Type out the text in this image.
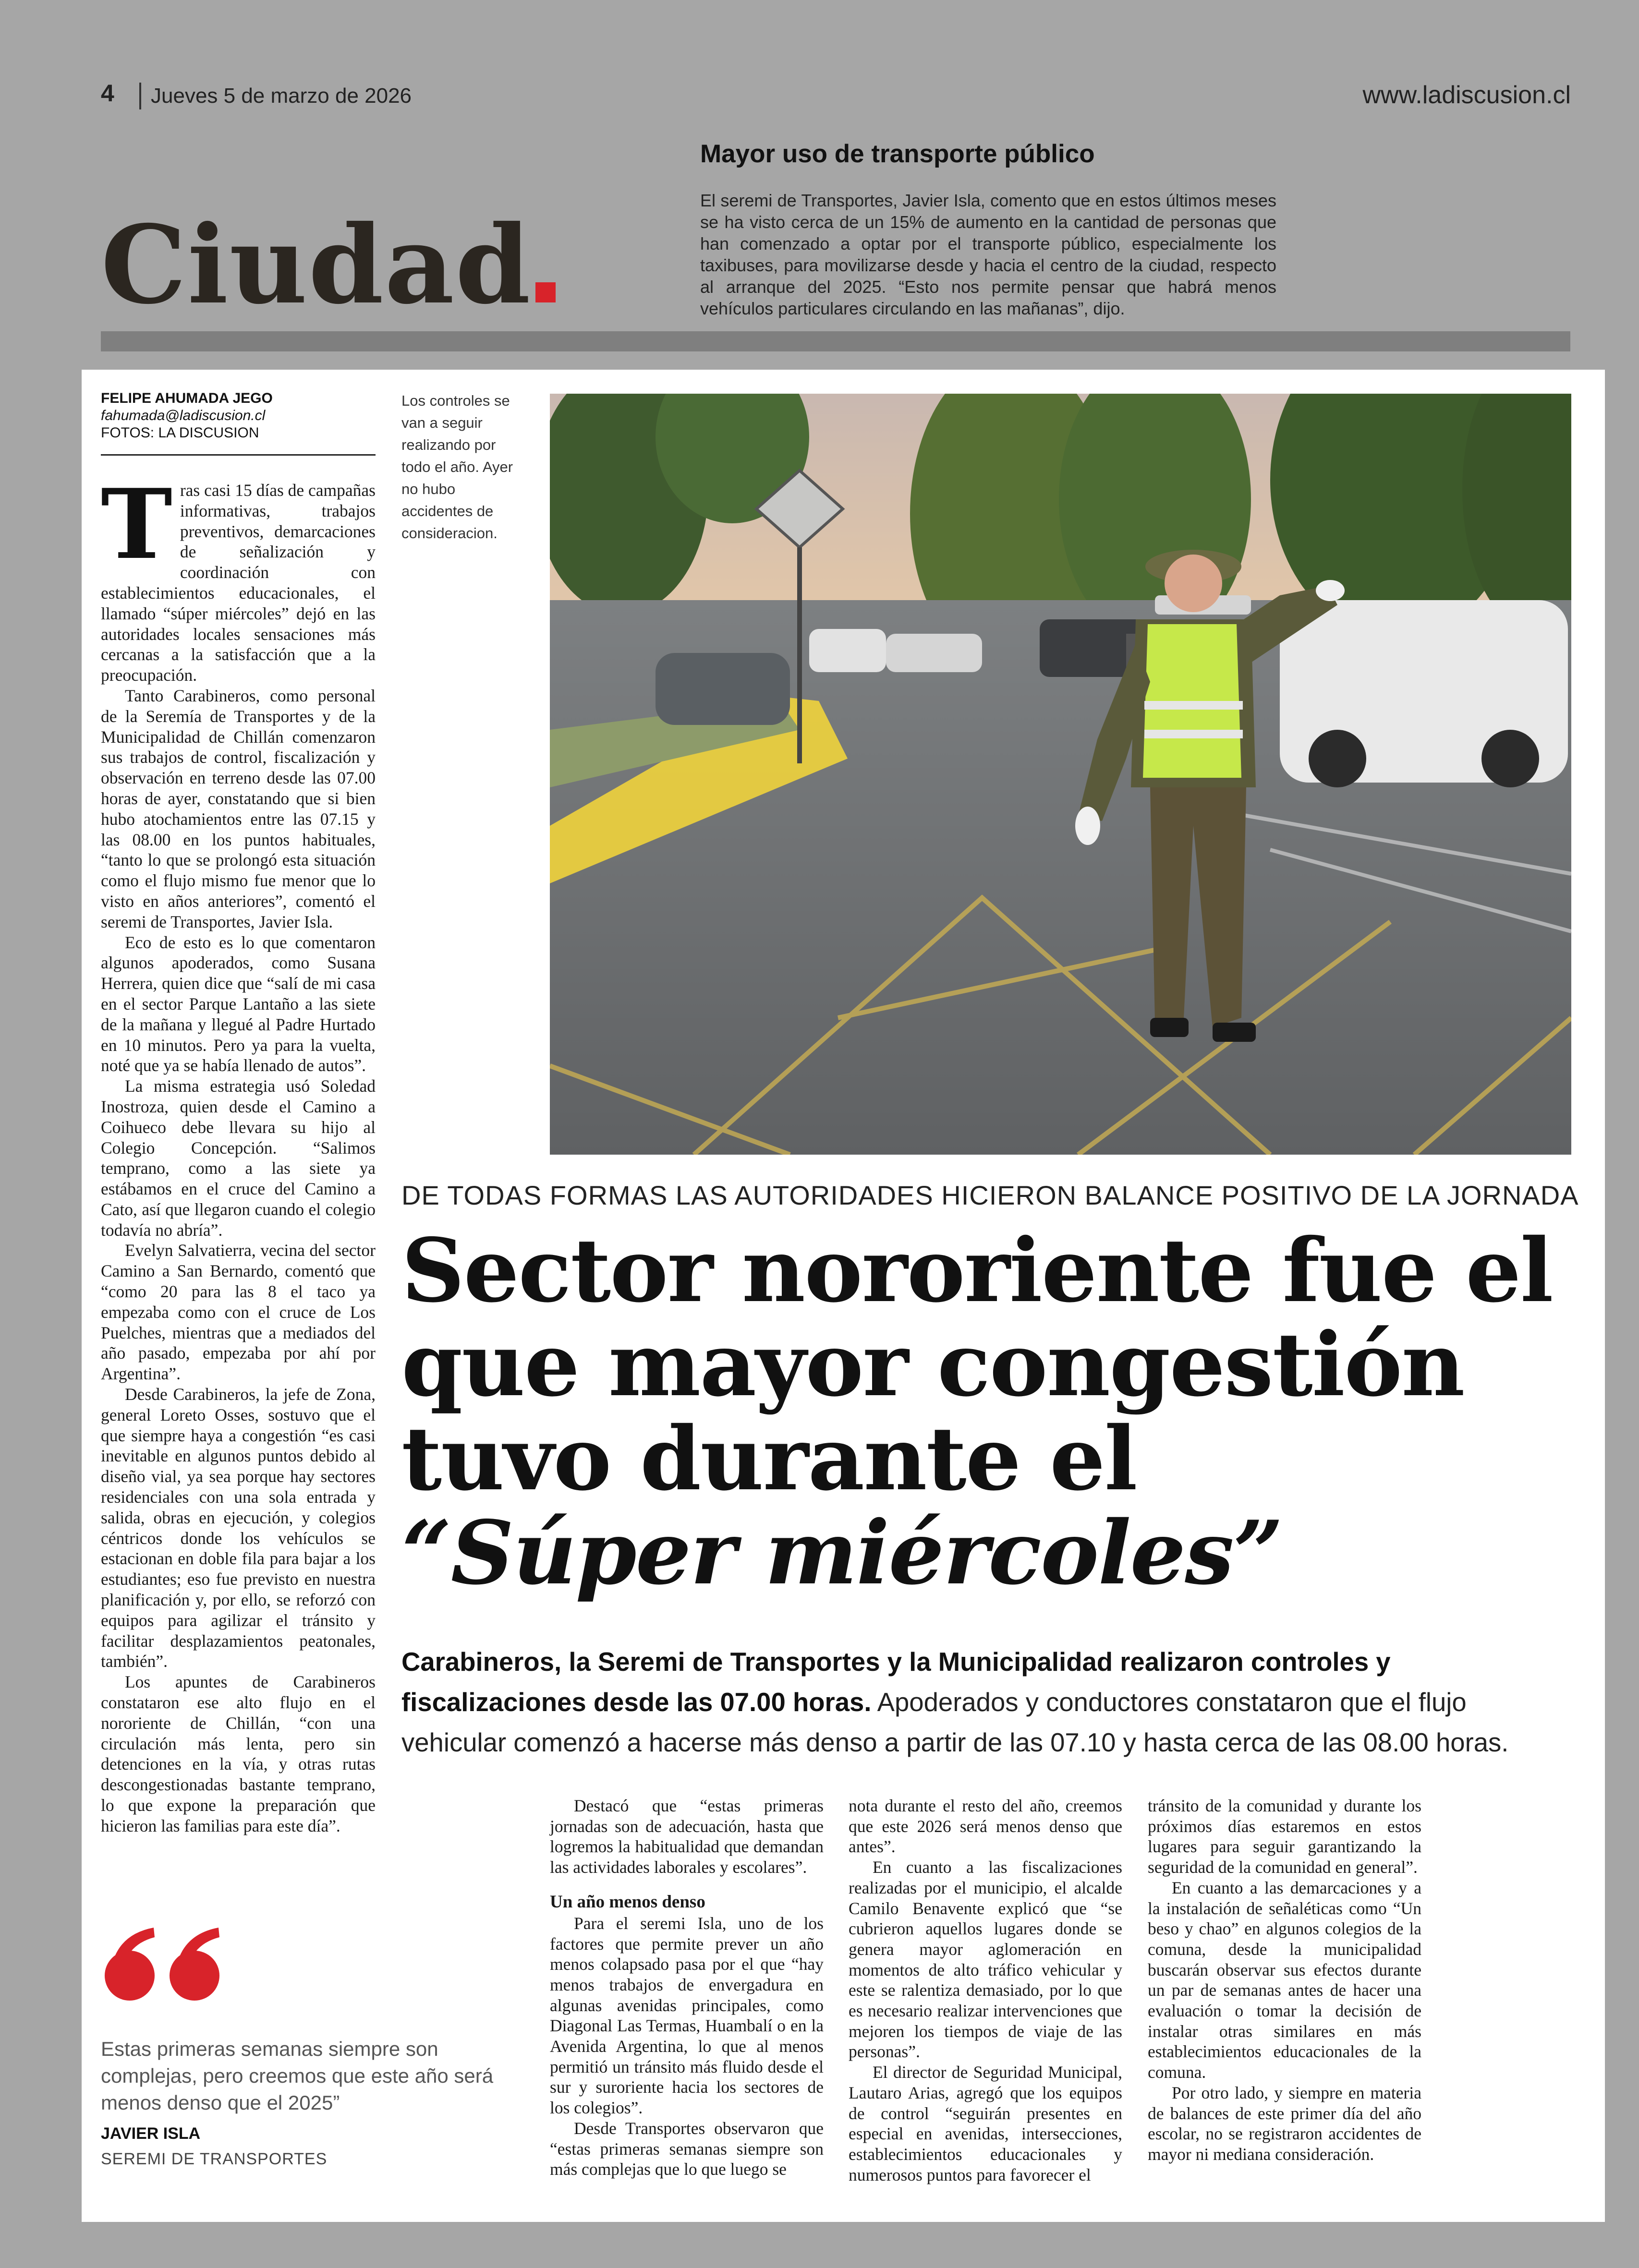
4 Jueves 5 de marzo de 2026	www.ladiscusion.cl
Ciudad
Mayor uso de transporte público
El seremi de Transportes, Javier Isla, comento que en estos últimos meses se ha visto cerca de un 15% de aumento en la cantidad de personas que han comenzado a optar por el transporte público, especialmente los taxibuses, para movilizarse desde y hacia el centro de la ciudad, respecto al arranque del 2025. “Esto nos permite pensar que habrá menos vehículos particulares circulando en las mañanas”, dijo.
FELIPE AHUMADA JEGO
fahumada@ladiscusion.cl
FOTOS: LA DISCUSION
Los controles se van a seguir realizando por todo el año. Ayer no hubo accidentes de consideracion.

Tras casi 15 días de campañas informativas, trabajos preventivos, demarcaciones de señalización y coordinación con establecimientos educacionales, el llamado “súper miércoles” dejó en las autoridades locales sensaciones más cercanas a la satisfacción que a la preocupación.

Tanto Carabineros, como personal de la Seremía de Transportes y de la Municipalidad de Chillán comenzaron sus trabajos de control, fiscalización y observación en terreno desde las 07.00 horas de ayer, constatando que si bien hubo atochamientos entre las 07.15 y las 08.00 en los puntos habituales, “tanto lo que se prolongó esta situación como el flujo mismo fue menor que lo visto en años anteriores”, comentó el seremi de Transportes, Javier Isla.

Eco de esto es lo que comentaron algunos apoderados, como Susana Herrera, quien dice que “salí de mi casa en el sector Parque Lantaño a las siete de la mañana y llegué al Padre Hurtado en 10 minutos. Pero ya para la vuelta, noté que ya se había llenado de autos”.

La misma estrategia usó Soledad Inostroza, quien desde el Camino a Coihueco debe llevara su hijo al Colegio Concepción. “Salimos temprano, como a las siete ya estábamos en el cruce del Camino a Cato, así que llegaron cuando el colegio todavía no abría”.

Evelyn Salvatierra, vecina del sector Camino a San Bernardo, comentó que “como 20 para las 8 el taco ya empezaba como con el cruce de Los Puelches, mientras que a mediados del año pasado, empezaba por ahí por Argentina”.

Desde Carabineros, la jefe de Zona, general Loreto Osses, sostuvo que el que siempre haya a congestión “es casi inevitable en algunos puntos debido al diseño vial, ya sea porque hay sectores residenciales con una sola entrada y salida, obras en ejecución, y colegios céntricos donde los vehículos se estacionan en doble fila para bajar a los estudiantes; eso fue previsto en nuestra planificación y, por ello, se reforzó con equipos para agilizar el tránsito y facilitar desplazamientos peatonales, también”.

Los apuntes de Carabineros constataron ese alto flujo en el nororiente de Chillán, “con una circulación más lenta, pero sin detenciones en la vía, y otras rutas descongestionadas bastante temprano, lo que expone la preparación que hicieron las familias para este día”.

DE TODAS FORMAS LAS AUTORIDADES HICIERON BALANCE POSITIVO DE LA JORNADA
Sector nororiente fue el
que mayor congestión
tuvo durante el
“Súper miércoles”
Carabineros, la Seremi de Transportes y la Municipalidad realizaron controles y fiscalizaciones desde las 07.00 horas. Apoderados y conductores constataron que el flujo vehicular comenzó a hacerse más denso a partir de las 07.10 y hasta cerca de las 08.00 horas.
Estas primeras semanas siempre son complejas, pero creemos que este año será menos denso que el 2025”
JAVIER ISLA
SEREMI DE TRANSPORTES

Destacó que “estas primeras jornadas son de adecuación, hasta que logremos la habitualidad que demandan las actividades laborales y escolares”.

Un año menos denso

Para el seremi Isla, uno de los factores que permite prever un año menos colapsado pasa por el que “hay menos trabajos de envergadura en algunas avenidas principales, como Diagonal Las Termas, Huambalí o en la Avenida Argentina, lo que al menos permitió un tránsito más fluido desde el sur y suroriente hacia los sectores de los colegios”.

Desde Transportes observaron que “estas primeras semanas siempre son más complejas que lo que luego se

nota durante el resto del año, creemos que este 2026 será menos denso que antes”.

En cuanto a las fiscalizaciones realizadas por el municipio, el alcalde Camilo Benavente explicó que “se cubrieron aquellos lugares donde se genera mayor aglomeración en momentos de alto tráfico vehicular y este se ralentiza demasiado, por lo que es necesario realizar intervenciones que mejoren los tiempos de viaje de las personas”.

El director de Seguridad Municipal, Lautaro Arias, agregó que los equipos de control “seguirán presentes en especial en avenidas, intersecciones, establecimientos educacionales y numerosos puntos para favorecer el

tránsito de la comunidad y durante los próximos días estaremos en estos lugares para seguir garantizando la seguridad de la comunidad en general”.

En cuanto a las demarcaciones y a la instalación de señaléticas como “Un beso y chao” en algunos colegios de la comuna, desde la municipalidad buscarán observar sus efectos durante un par de semanas antes de hacer una evaluación o tomar la decisión de instalar otras similares en más establecimientos educacionales de la comuna.

Por otro lado, y siempre en materia de balances de este primer día del año escolar, no se registraron accidentes de mayor ni mediana consideración.
